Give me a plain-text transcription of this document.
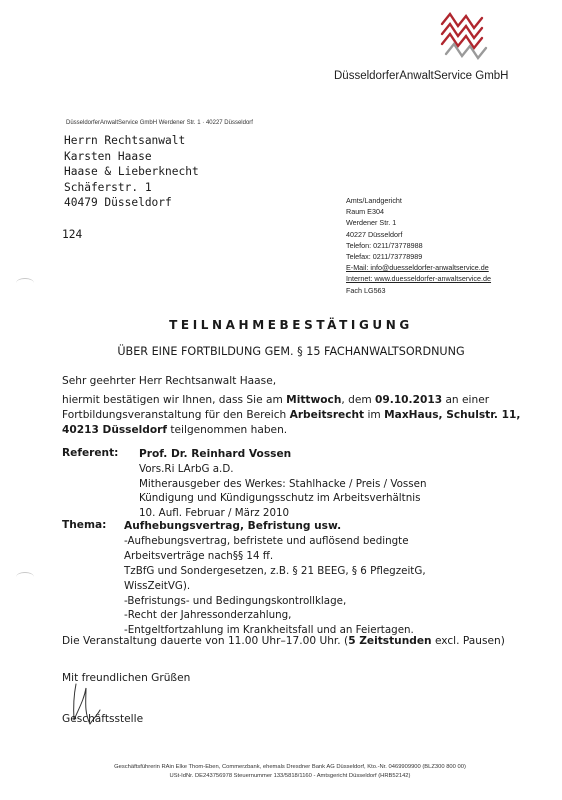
DüsseldorferAnwaltService GmbH
DüsseldorferAnwaltService GmbH Werdener Str. 1 · 40227 Düsseldorf
Herrn Rechtsanwalt
Karsten Haase
Haase & Lieberknecht
Schäferstr. 1
40479 Düsseldorf
124
Amts/Landgericht
Raum E304
Werdener Str. 1
40227 Düsseldorf
Telefon: 0211/73778988
Telefax: 0211/73778989
E-Mail: info@duesseldorfer-anwaltservice.de
Internet: www.duesseldorfer-anwaltservice.de
Fach LG563
TEILNAHMEBESTÄTIGUNG
ÜBER EINE FORTBILDUNG GEM. § 15 FACHANWALTSORDNUNG
Sehr geehrter Herr Rechtsanwalt Haase,
hiermit bestätigen wir Ihnen, dass Sie am Mittwoch, dem 09.10.2013 an einer Fortbildungsveranstaltung für den Bereich Arbeitsrecht im MaxHaus, Schulstr. 11, 40213 Düsseldorf teilgenommen haben.
Referent: Prof. Dr. Reinhard Vossen
Vors.Ri LArbG a.D.
Mitherausgeber des Werkes: Stahlhacke / Preis / Vossen
Kündigung und Kündigungsschutz im Arbeitsverhältnis
10. Aufl. Februar / März 2010
Thema: Aufhebungsvertrag, Befristung usw.
-Aufhebungsvertrag, befristete und auflösend bedingte
Arbeitsverträge nach§§ 14 ff.
TzBfG und Sondergesetzen, z.B. § 21 BEEG, § 6 PflegzeitG,
WissZeitVG).
-Befristungs- und Bedingungskontrollklage,
-Recht der Jahressonderzahlung,
-Entgeltfortzahlung im Krankheitsfall und an Feiertagen.
Die Veranstaltung dauerte von 11.00 Uhr–17.00 Uhr. (5 Zeitstunden excl. Pausen)
Mit freundlichen Grüßen
Geschäftsstelle
Geschäftsführerin RAin Elke Thom-Eben, Commerzbank, ehemals Dresdner Bank AG Düsseldorf, Kto.-Nr. 0469909900 (BLZ300 800 00)
USt-IdNr. DE243756978 Steuernummer 133/5818/1160 - Amtsgericht Düsseldorf (HRB52142)
